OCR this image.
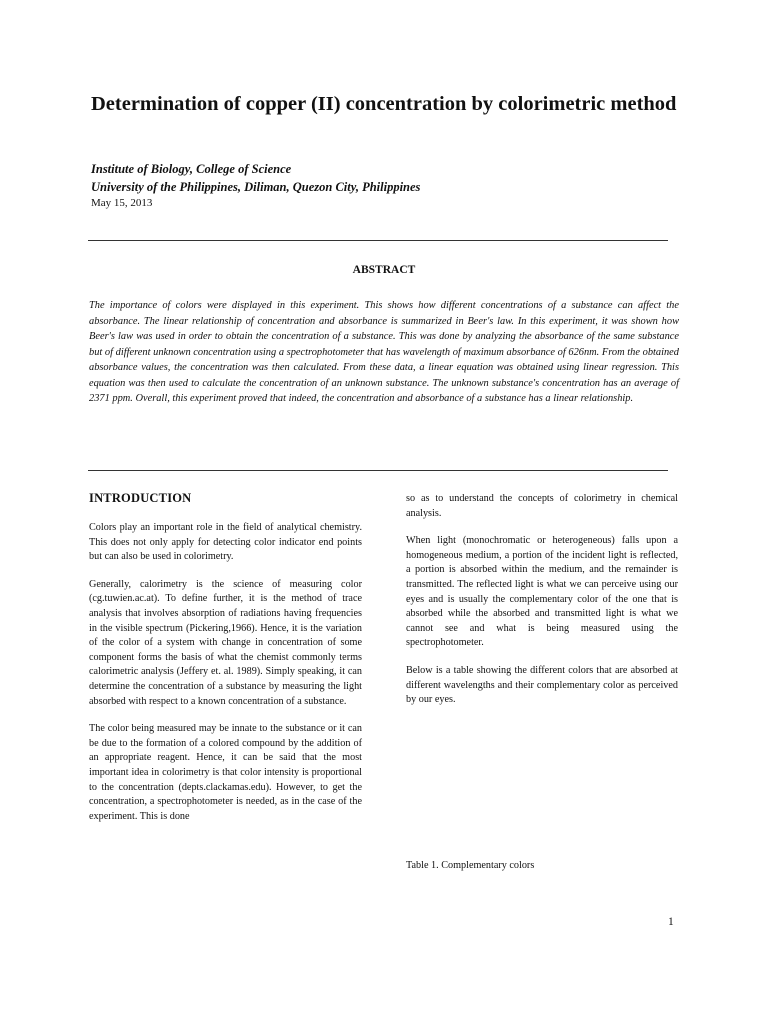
Determination of copper (II) concentration by colorimetric method

Institute of Biology, College of Science

University of the Philippines, Diliman, Quezon City, Philippines

May 15, 2013

ABSTRACT

The importance of colors were displayed in this experiment. This shows how different concentrations of a substance can affect the absorbance. The linear relationship of concentration and absorbance is summarized in Beer's law. In this experiment, it was shown how Beer's law was used in order to obtain the concentration of a substance. This was done by analyzing the absorbance of the same substance but of different unknown concentration using a spectrophotometer that has wavelength of maximum absorbance of 626nm. From the obtained absorbance values, the concentration was then calculated. From these data, a linear equation was obtained using linear regression. This equation was then used to calculate the concentration of an unknown substance. The unknown substance's concentration has an average of 2371 ppm. Overall, this experiment proved that indeed, the concentration and absorbance of a substance has a linear relationship.

INTRODUCTION

Colors play an important role in the field of analytical chemistry. This does not only apply for detecting color indicator end points but can also be used in colorimetry.

Generally, calorimetry is the science of measuring color (cg.tuwien.ac.at). To define further, it is the method of trace analysis that involves absorption of radiations having frequencies in the visible spectrum (Pickering,1966). Hence, it is the variation of the color of a system with change in concentration of some component forms the basis of what the chemist commonly terms calorimetric analysis (Jeffery et. al. 1989). Simply speaking, it can determine the concentration of a substance by measuring the light absorbed with respect to a known concentration of a substance.

The color being measured may be innate to the substance or it can be due to the formation of a colored compound by the addition of an appropriate reagent. Hence, it can be said that the most important idea in colorimetry is that color intensity is proportional to the concentration (depts.clackamas.edu). However, to get the concentration, a spectrophotometer is needed, as in the case of the experiment. This is done

so as to understand the concepts of colorimetry in chemical analysis.

When light (monochromatic or heterogeneous) falls upon a homogeneous medium, a portion of the incident light is reflected, a portion is absorbed within the medium, and the remainder is transmitted. The reflected light is what we can perceive using our eyes and is usually the complementary color of the one that is absorbed while the absorbed and transmitted light is what we cannot see and what is being measured using the spectrophotometer.

Below is a table showing the different colors that are absorbed at different wavelengths and their complementary color as perceived by our eyes.

Table 1. Complementary colors

1
